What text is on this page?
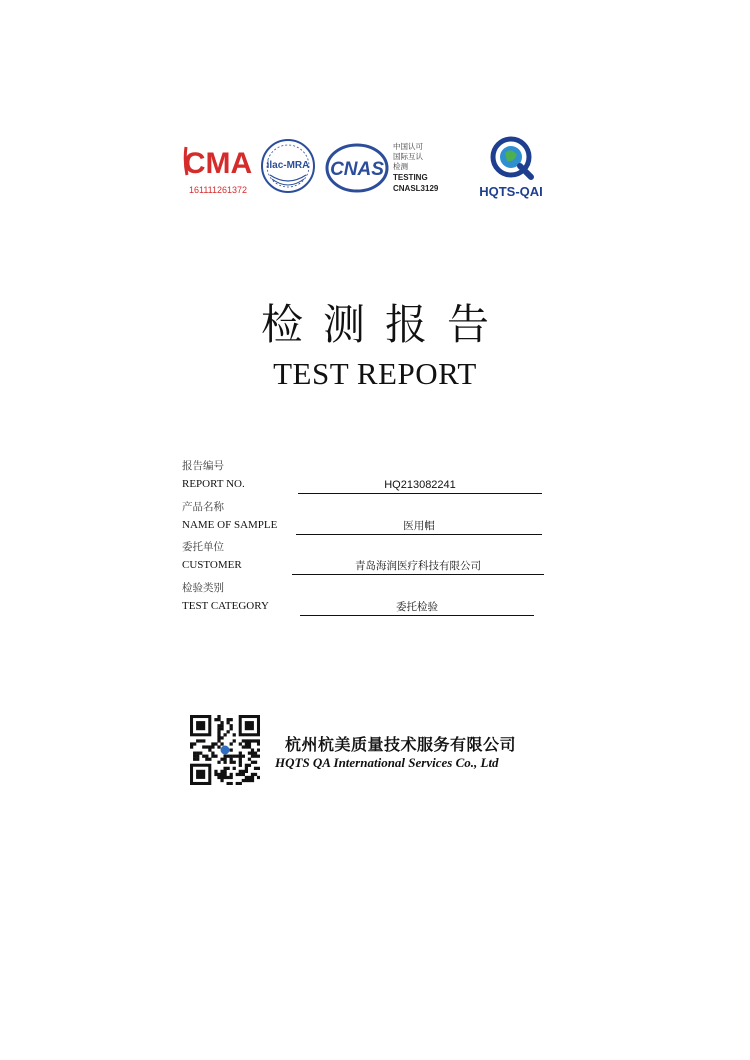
CMA
161111261372
ilac-MRA CNAS
中国认可
国际互认
检测
TESTING
CNASL3129	HQTS-QAI
检测报告
TEST REPORT
报告编号
REPORT NO.	HQ213082241
产品名称
NAME OF SAMPLE	医用帽
委托单位
CUSTOMER	青岛海润医疗科技有限公司
检验类别
TEST CATEGORY	委托检验
杭州杭美质量技术服务有限公司
HQTS QA International Services Co., Ltd
